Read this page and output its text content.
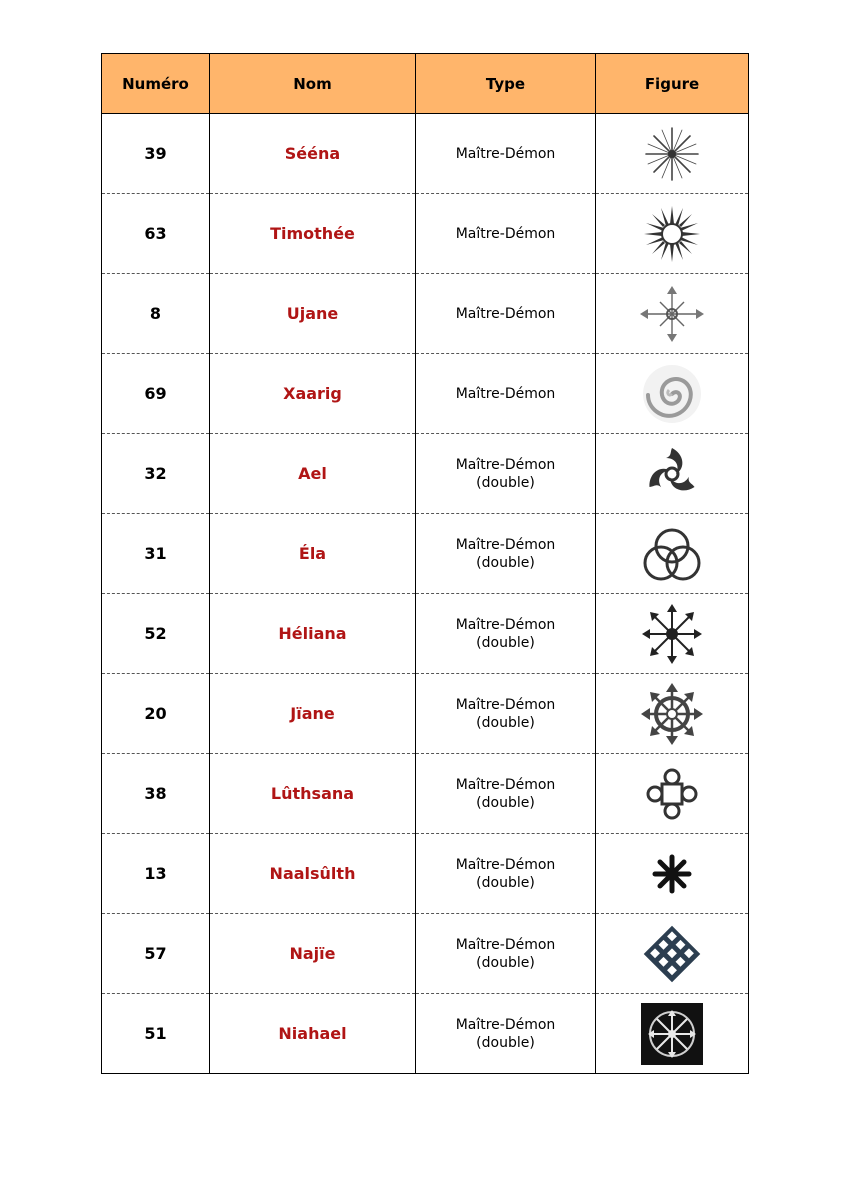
Numéro	Nom	Type	Figure
39	Sééna	Maître-Démon

63	Timothée	Maître-Démon

8	Ujane	Maître-Démon

69	Xaarig	Maître-Démon

32	Ael	Maître-Démon
(double)

31	Éla	Maître-Démon
(double)

52	Héliana	Maître-Démon
(double)

20	Jïane	Maître-Démon
(double)

38	Lûthsana	Maître-Démon
(double)

13	Naalsûlth	Maître-Démon
(double)

57	Najïe	Maître-Démon
(double)

51	Niahael	Maître-Démon
(double)
